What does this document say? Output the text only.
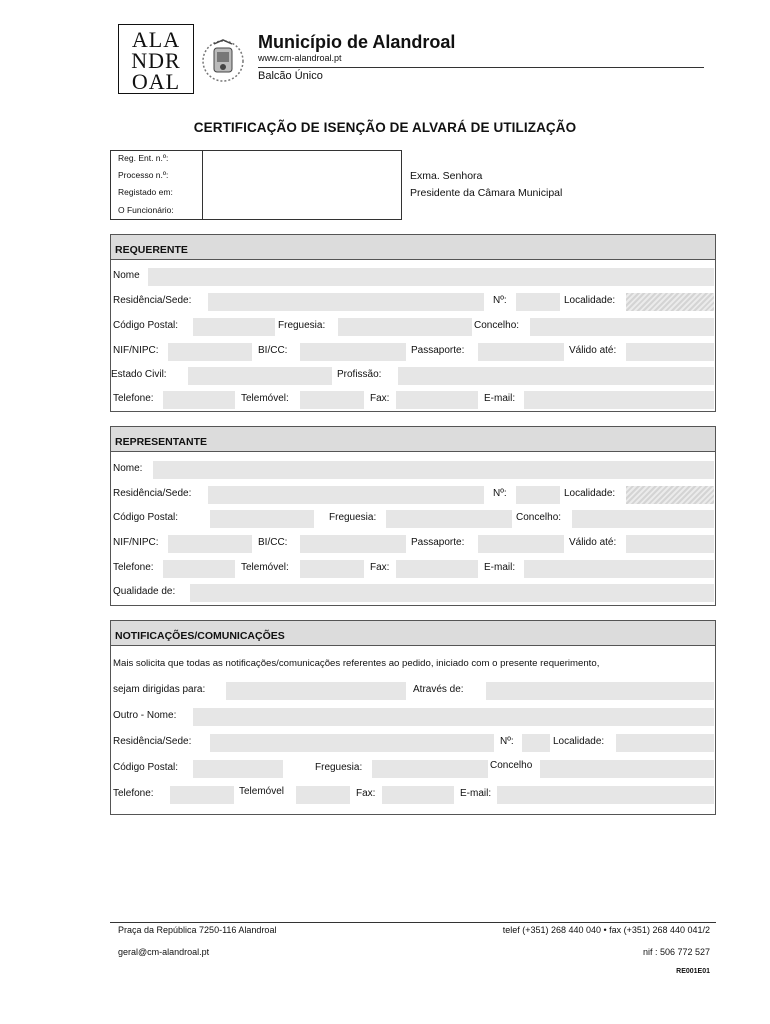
ALA
NDR
OAL
Município de Alandroal
www.cm-alandroal.pt
Balcão Único
CERTIFICAÇÃO DE ISENÇÃO DE ALVARÁ DE UTILIZAÇÃO
Reg. Ent. n.º:
Processo n.º:
Registado em:
O Funcionário:
Exma. Senhora
Presidente da Câmara Municipal
REQUERENTE
Nome
Residência/Sede:	Nº:	Localidade:
Código Postal:	Freguesia:	Concelho:
NIF/NIPC:	BI/CC:	Passaporte:	Válido até:
Estado Civil:	Profissão:
Telefone:	Telemóvel:	Fax:	E-mail:
REPRESENTANTE
Nome:
Residência/Sede:	Nº:	Localidade:
Código Postal:	Freguesia:	Concelho:
NIF/NIPC:	BI/CC:	Passaporte:	Válido até:
Telefone:	Telemóvel:	Fax:	E-mail:
Qualidade de:
NOTIFICAÇÕES/COMUNICAÇÕES
Mais solicita que todas as notificações/comunicações referentes ao pedido, iniciado com o presente requerimento,
sejam dirigidas para:	Através de:
Outro - Nome:
Residência/Sede:	Nº:	Localidade:
Código Postal:	Freguesia:	Concelho
Telefone:	Telemóvel	Fax:	E-mail:
Praça da República 7250-116 Alandroal	telef (+351) 268 440 040 • fax (+351) 268 440 041/2
geral@cm-alandroal.pt	nif : 506 772 527
RE001E01
